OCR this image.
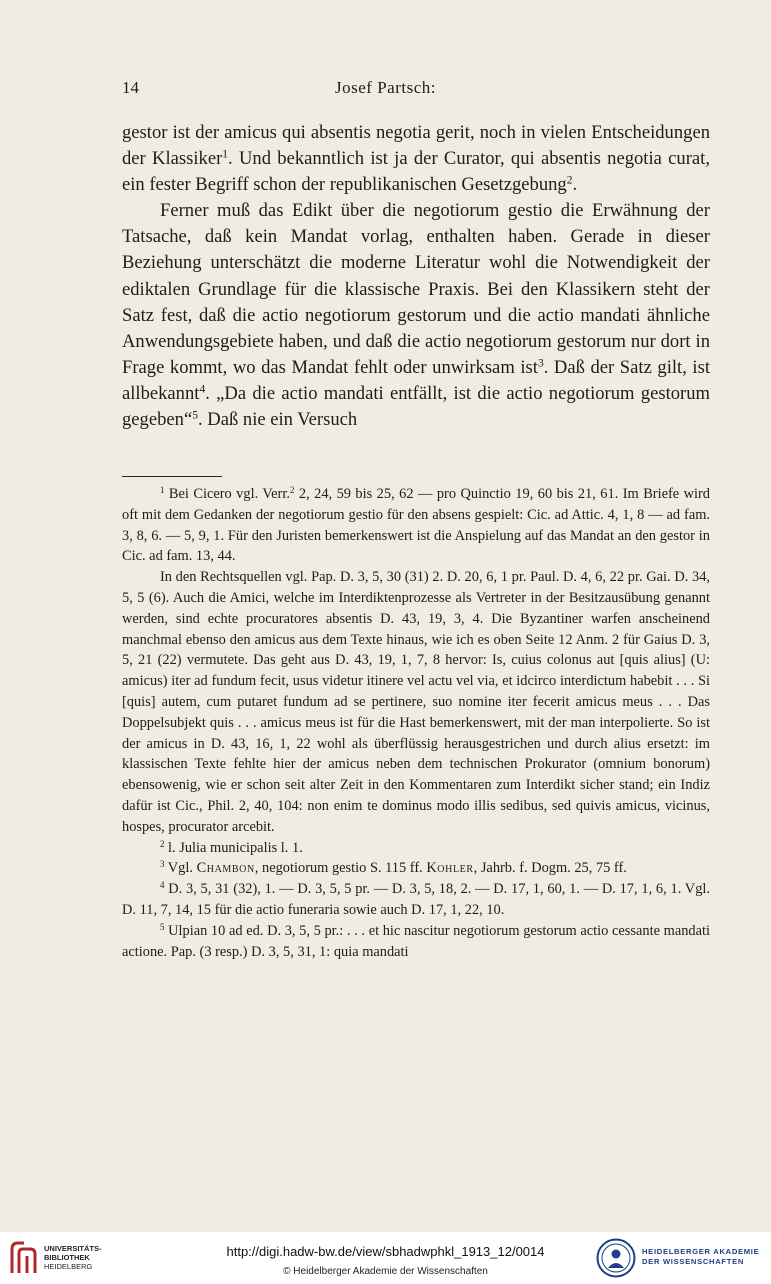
14	Josef Partsch:

gestor ist der amicus qui absentis negotia gerit, noch in vielen Entscheidungen der Klassiker$^1$. Und bekanntlich ist ja der Curator, qui absentis negotia curat, ein fester Begriff schon der republikanischen Gesetzgebung$^2$.

Ferner muß das Edikt über die negotiorum gestio die Erwähnung der Tatsache, daß kein Mandat vorlag, enthalten haben. Gerade in dieser Beziehung unterschätzt die moderne Literatur wohl die Notwendigkeit der ediktalen Grundlage für die klassische Praxis. Bei den Klassikern steht der Satz fest, daß die actio negotiorum gestorum und die actio mandati ähnliche Anwendungsgebiete haben, und daß die actio negotiorum gestorum nur dort in Frage kommt, wo das Mandat fehlt oder unwirksam ist$^3$. Daß der Satz gilt, ist allbekannt$^4$. „Da die actio mandati entfällt, ist die actio negotiorum gestorum gegeben“$^5$. Daß nie ein Versuch

$^1$ Bei Cicero vgl. Verr.$^2$ 2, 24, 59 bis 25, 62 — pro Quinctio 19, 60 bis 21, 61. Im Briefe wird oft mit dem Gedanken der negotiorum gestio für den absens gespielt: Cic. ad Attic. 4, 1, 8 — ad fam. 3, 8, 6. — 5, 9, 1. Für den Juristen bemerkenswert ist die Anspielung auf das Mandat an den gestor in Cic. ad fam. 13, 44.

In den Rechtsquellen vgl. Pap. D. 3, 5, 30 (31) 2. D. 20, 6, 1 pr. Paul. D. 4, 6, 22 pr. Gai. D. 34, 5, 5 (6). Auch die Amici, welche im Interdiktenprozesse als Vertreter in der Besitzausübung genannt werden, sind echte procuratores absentis D. 43, 19, 3, 4. Die Byzantiner warfen anscheinend manchmal ebenso den amicus aus dem Texte hinaus, wie ich es oben Seite 12 Anm. 2 für Gaius D. 3, 5, 21 (22) vermutete. Das geht aus D. 43, 19, 1, 7, 8 hervor: Is, cuius colonus aut [quis alius] (U: amicus) iter ad fundum fecit, usus videtur itinere vel actu vel via, et idcirco interdictum habebit . . . Si [quis] autem, cum putaret fundum ad se pertinere, suo nomine iter fecerit amicus meus . . . Das Doppelsubjekt quis . . . amicus meus ist für die Hast bemerkenswert, mit der man interpolierte. So ist der amicus in D. 43, 16, 1, 22 wohl als überflüssig herausgestrichen und durch alius ersetzt: im klassischen Texte fehlte hier der amicus neben dem technischen Prokurator (omnium bonorum) ebensowenig, wie er schon seit alter Zeit in den Kommentaren zum Interdikt sicher stand; ein Indiz dafür ist Cic., Phil. 2, 40, 104: non enim te dominus modo illis sedibus, sed quivis amicus, vicinus, hospes, procurator arcebit.

$^2$ l. Julia municipalis l. 1.

$^3$ Vgl. Chambon, negotiorum gestio S. 115 ff. Kohler, Jahrb. f. Dogm. 25, 75 ff.

$^4$ D. 3, 5, 31 (32), 1. — D. 3, 5, 5 pr. — D. 3, 5, 18, 2. — D. 17, 1, 60, 1. — D. 17, 1, 6, 1. Vgl. D. 11, 7, 14, 15 für die actio funeraria sowie auch D. 17, 1, 22, 10.

$^5$ Ulpian 10 ad ed. D. 3, 5, 5 pr.: . . . et hic nascitur negotiorum gestorum actio cessante mandati actione. Pap. (3 resp.) D. 3, 5, 31, 1: quia mandati

UNIVERSITÄTS-
BIBLIOTHEK
HEIDELBERG
http://digi.hadw-bw.de/view/sbhadwphkl_1913_12/0014
© Heidelberger Akademie der Wissenschaften
HEIDELBERGER AKADEMIE
DER WISSENSCHAFTEN
